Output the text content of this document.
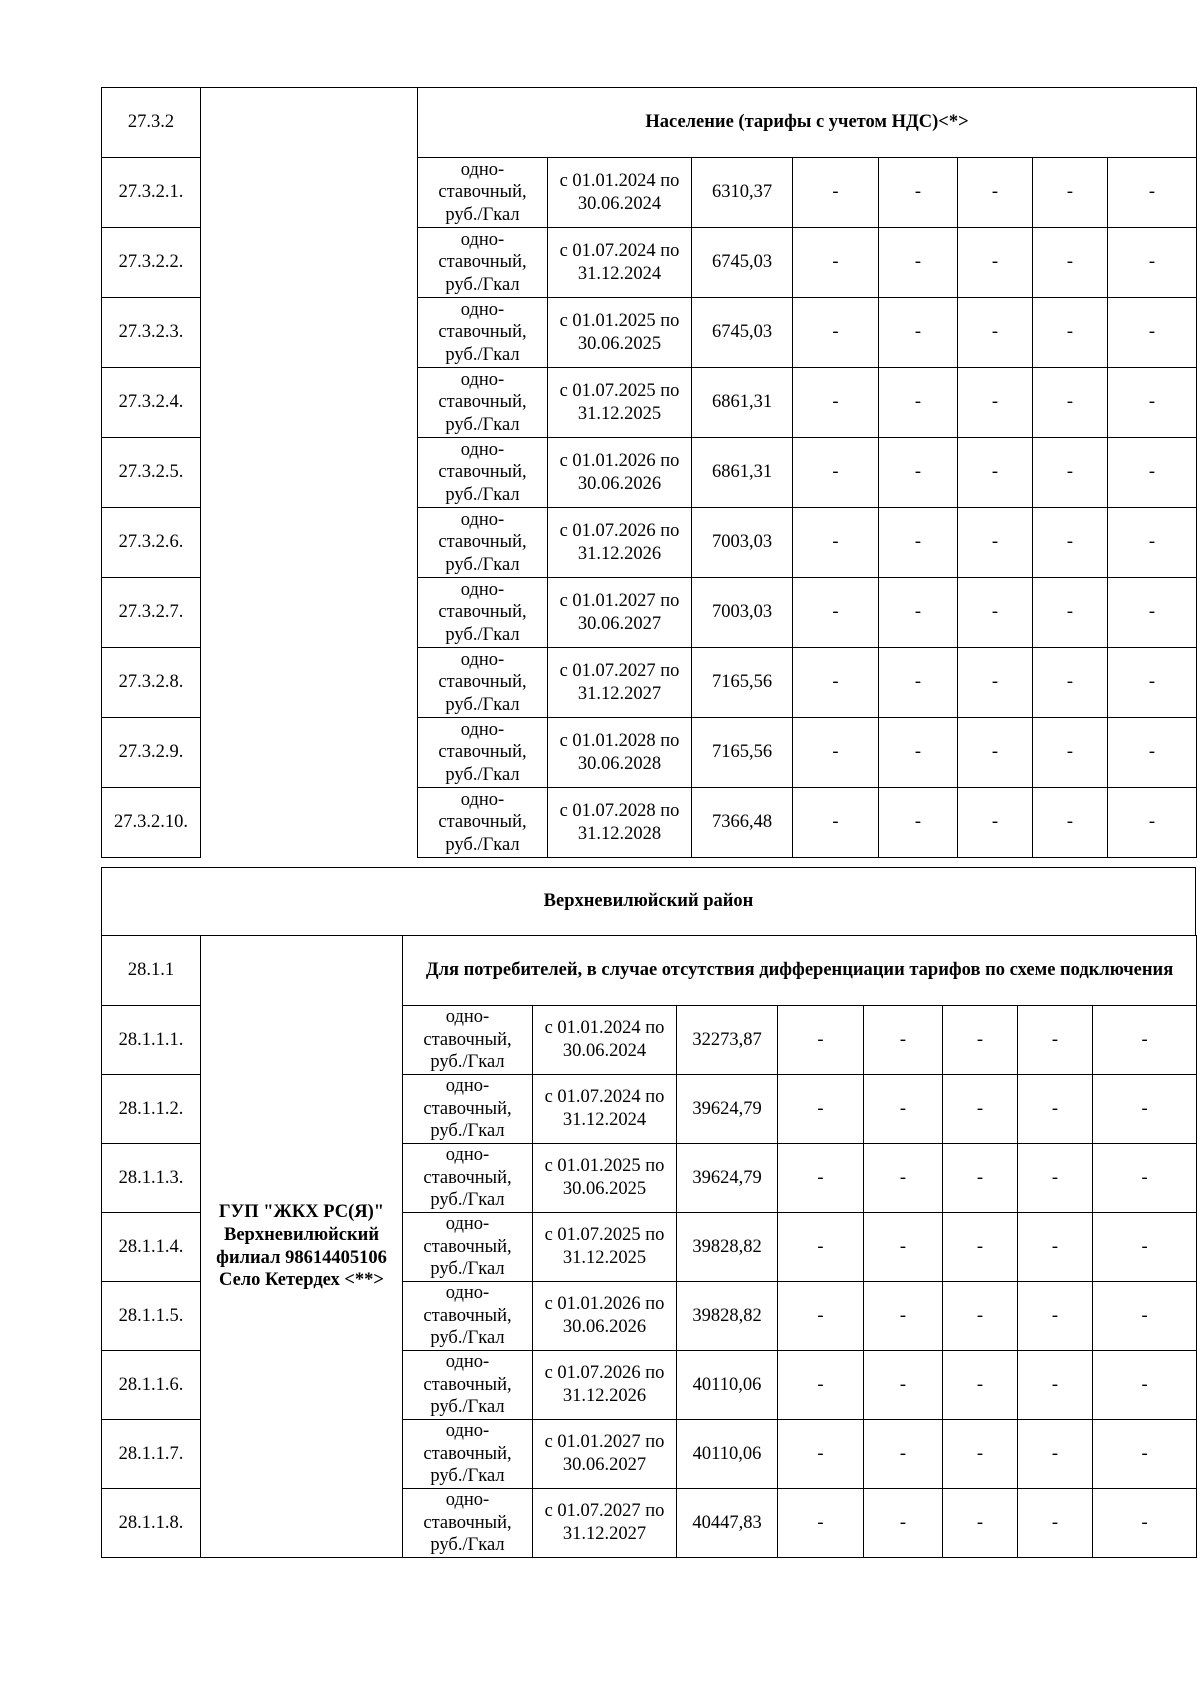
27.3.2		Население (тарифы с учетом НДС)<*>							
27.3.2.1.		одно-ставочный, руб./Гкал	с 01.01.2024 по 30.06.2024	6310,37	-	-	-	-	-
27.3.2.2.		одно-ставочный, руб./Гкал	с 01.07.2024 по 31.12.2024	6745,03	-	-	-	-	-
27.3.2.3.		одно-ставочный, руб./Гкал	с 01.01.2025 по 30.06.2025	6745,03	-	-	-	-	-
27.3.2.4.		одно-ставочный, руб./Гкал	с 01.07.2025 по 31.12.2025	6861,31	-	-	-	-	-
27.3.2.5.		одно-ставочный, руб./Гкал	с 01.01.2026 по 30.06.2026	6861,31	-	-	-	-	-
27.3.2.6.		одно-ставочный, руб./Гкал	с 01.07.2026 по 31.12.2026	7003,03	-	-	-	-	-
27.3.2.7.		одно-ставочный, руб./Гкал	с 01.01.2027 по 30.06.2027	7003,03	-	-	-	-	-
27.3.2.8.		одно-ставочный, руб./Гкал	с 01.07.2027 по 31.12.2027	7165,56	-	-	-	-	-
27.3.2.9.		одно-ставочный, руб./Гкал	с 01.01.2028 по 30.06.2028	7165,56	-	-	-	-	-
27.3.2.10.		одно-ставочный, руб./Гкал	с 01.07.2028 по 31.12.2028	7366,48	-	-	-	-	-
Верхневилюйский район
28.1.1	ГУП "ЖКХ РС(Я)" Верхневилюйский филиал 98614405106 Село Кетердех <**>	Для потребителей, в случае отсутствия дифференциации тарифов по схеме подключения							
28.1.1.1.		одно-ставочный, руб./Гкал	с 01.01.2024 по 30.06.2024	32273,87	-	-	-	-	-
28.1.1.2.		одно-ставочный, руб./Гкал	с 01.07.2024 по 31.12.2024	39624,79	-	-	-	-	-
28.1.1.3.		одно-ставочный, руб./Гкал	с 01.01.2025 по 30.06.2025	39624,79	-	-	-	-	-
28.1.1.4.		одно-ставочный, руб./Гкал	с 01.07.2025 по 31.12.2025	39828,82	-	-	-	-	-
28.1.1.5.		одно-ставочный, руб./Гкал	с 01.01.2026 по 30.06.2026	39828,82	-	-	-	-	-
28.1.1.6.		одно-ставочный, руб./Гкал	с 01.07.2026 по 31.12.2026	40110,06	-	-	-	-	-
28.1.1.7.		одно-ставочный, руб./Гкал	с 01.01.2027 по 30.06.2027	40110,06	-	-	-	-	-
28.1.1.8.		одно-ставочный, руб./Гкал	с 01.07.2027 по 31.12.2027	40447,83	-	-	-	-	-
